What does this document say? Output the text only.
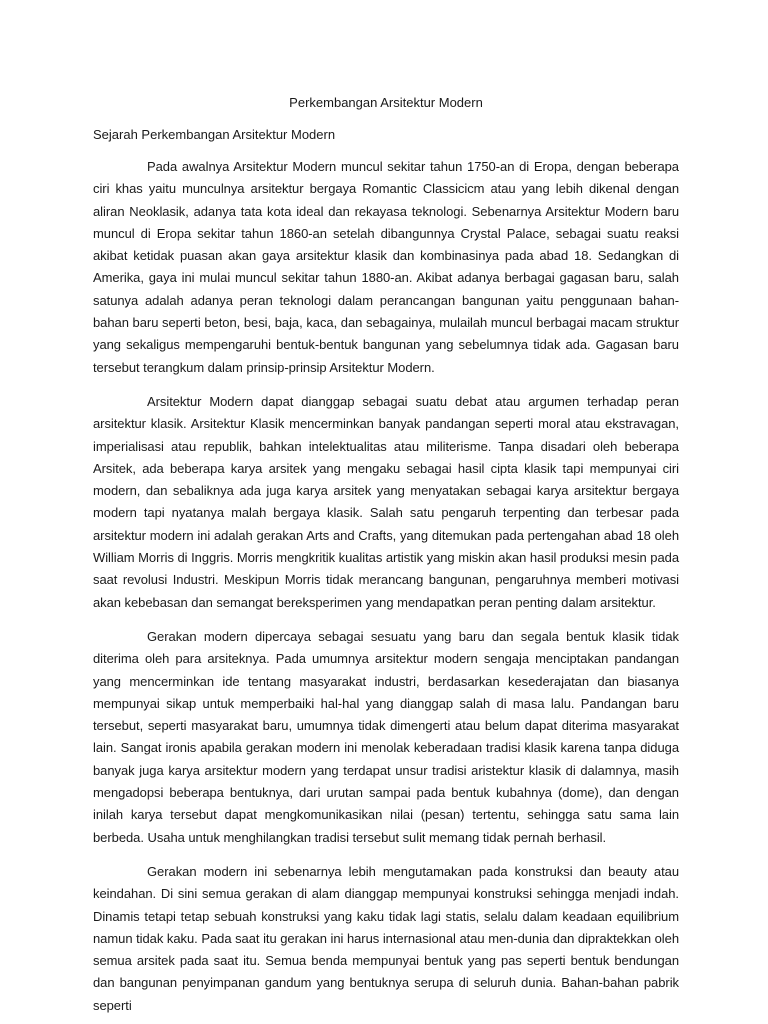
Perkembangan Arsitektur Modern
Sejarah Perkembangan Arsitektur Modern

Pada awalnya Arsitektur Modern muncul sekitar tahun 1750-an di Eropa, dengan beberapa ciri khas yaitu munculnya arsitektur bergaya Romantic Classicicm atau yang lebih dikenal dengan aliran Neoklasik, adanya tata kota ideal dan rekayasa teknologi. Sebenarnya Arsitektur Modern baru muncul di Eropa sekitar tahun 1860-an setelah dibangunnya Crystal Palace, sebagai suatu reaksi akibat ketidak puasan akan gaya arsitektur klasik dan kombinasinya pada abad 18. Sedangkan di Amerika, gaya ini mulai muncul sekitar tahun 1880-an. Akibat adanya berbagai gagasan baru, salah satunya adalah adanya peran teknologi dalam perancangan bangunan yaitu penggunaan bahan-bahan baru seperti beton, besi, baja, kaca, dan sebagainya, mulailah muncul berbagai macam struktur yang sekaligus mempengaruhi bentuk-bentuk bangunan yang sebelumnya tidak ada. Gagasan baru tersebut terangkum dalam prinsip-prinsip Arsitektur Modern.

Arsitektur Modern dapat dianggap sebagai suatu debat atau argumen terhadap peran arsitektur klasik. Arsitektur Klasik mencerminkan banyak pandangan seperti moral atau ekstravagan, imperialisasi atau republik, bahkan intelektualitas atau militerisme. Tanpa disadari oleh beberapa Arsitek, ada beberapa karya arsitek yang mengaku sebagai hasil cipta klasik tapi mempunyai ciri modern, dan sebaliknya ada juga karya arsitek yang menyatakan sebagai karya arsitektur bergaya modern tapi nyatanya malah bergaya klasik. Salah satu pengaruh terpenting dan terbesar pada arsitektur modern ini adalah gerakan Arts and Crafts, yang ditemukan pada pertengahan abad 18 oleh William Morris di Inggris. Morris mengkritik kualitas artistik yang miskin akan hasil produksi mesin pada saat revolusi Industri. Meskipun Morris tidak merancang bangunan, pengaruhnya memberi motivasi akan kebebasan dan semangat bereksperimen yang mendapatkan peran penting dalam arsitektur.

Gerakan modern dipercaya sebagai sesuatu yang baru dan segala bentuk klasik tidak diterima oleh para arsiteknya. Pada umumnya arsitektur modern sengaja menciptakan pandangan yang mencerminkan ide tentang masyarakat industri, berdasarkan kesederajatan dan biasanya mempunyai sikap untuk memperbaiki hal-hal yang dianggap salah di masa lalu. Pandangan baru tersebut, seperti masyarakat baru, umumnya tidak dimengerti atau belum dapat diterima masyarakat lain. Sangat ironis apabila gerakan modern ini menolak keberadaan tradisi klasik karena tanpa diduga banyak juga karya arsitektur modern yang terdapat unsur tradisi aristektur klasik di dalamnya, masih mengadopsi beberapa bentuknya, dari urutan sampai pada bentuk kubahnya (dome), dan dengan inilah karya tersebut dapat mengkomunikasikan nilai (pesan) tertentu, sehingga satu sama lain berbeda. Usaha untuk menghilangkan tradisi tersebut sulit memang tidak pernah berhasil.

Gerakan modern ini sebenarnya lebih mengutamakan pada konstruksi dan beauty atau keindahan. Di sini semua gerakan di alam dianggap mempunyai konstruksi sehingga menjadi indah. Dinamis tetapi tetap sebuah konstruksi yang kaku tidak lagi statis, selalu dalam keadaan equilibrium namun tidak kaku. Pada saat itu gerakan ini harus internasional atau men-dunia dan dipraktekkan oleh semua arsitek pada saat itu. Semua benda mempunyai bentuk yang pas seperti bentuk bendungan dan bangunan penyimpanan gandum yang bentuknya serupa di seluruh dunia. Bahan-bahan pabrik seperti
